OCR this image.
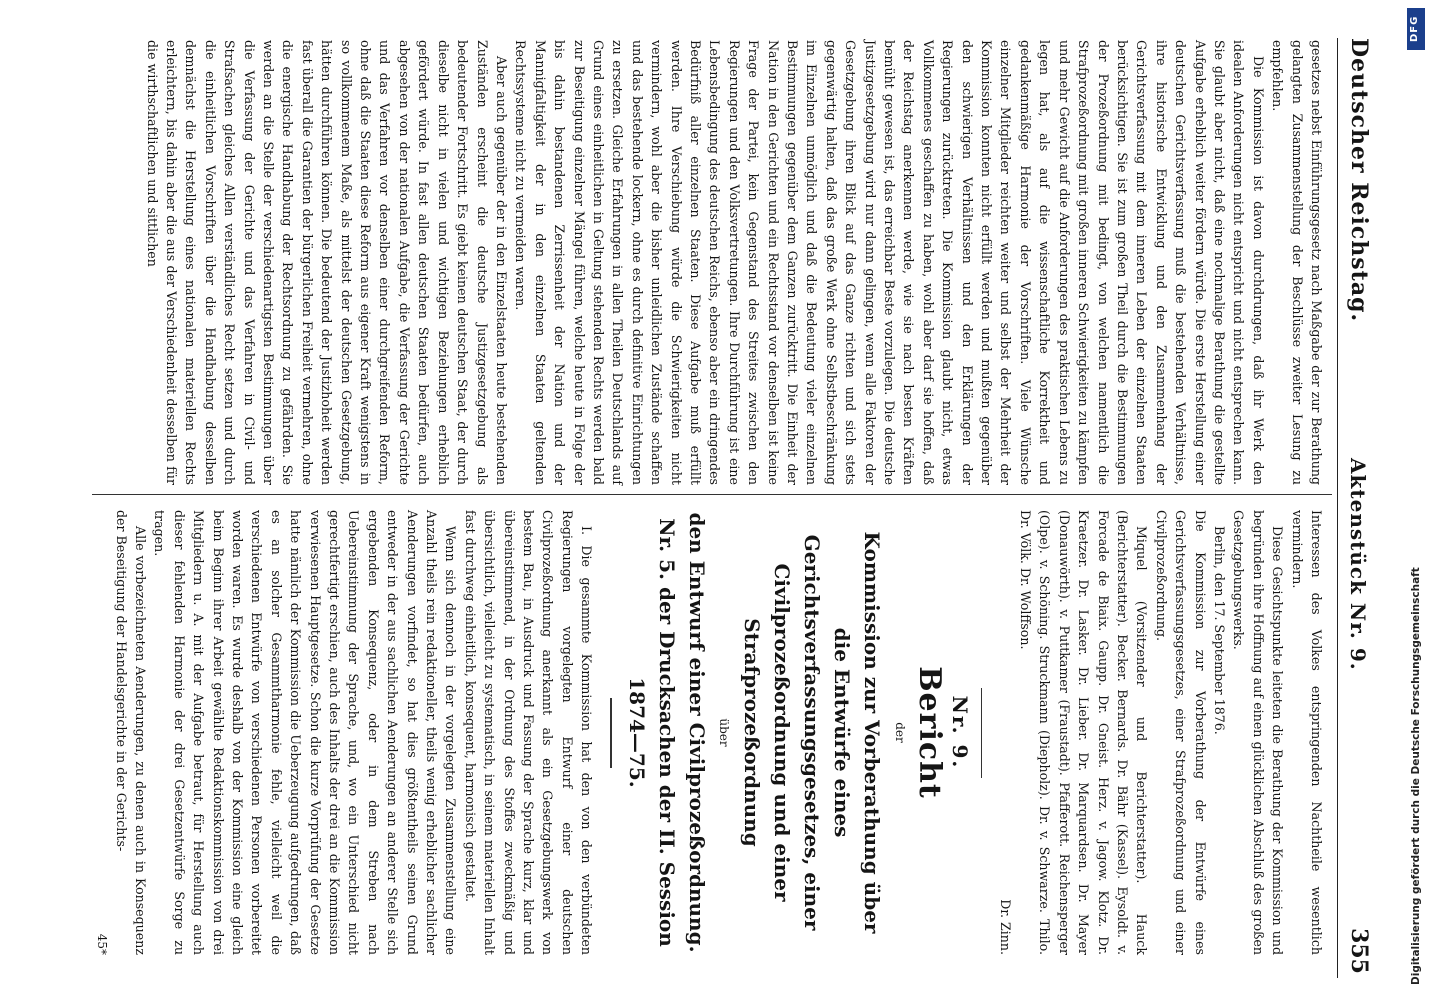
Deutscher Reichstag.
Aktenstück Nr. 9.
355

gesetzes nebst Einführungsgesetz nach Maßgabe der zur Berathung gelangten Zusammenstellung der Beschlüsse zweiter Lesung zu empfehlen.

Die Kommission ist davon durchdrungen, daß ihr Werk den idealen Anforderungen nicht entspricht und nicht entsprechen kann. Sie glaubt aber nicht, daß eine nochmalige Berathung die gestellte Aufgabe erheblich weiter fördern würde. Die erste Herstellung einer deutschen Gerichtsverfassung muß die bestehenden Verhältnisse, ihre historische Entwicklung und den Zusammenhang der Gerichtsverfassung mit dem inneren Leben der einzelnen Staaten berücksichtigen. Sie ist zum großen Theil durch die Bestimmungen der Prozeßordnung mit bedingt, von welchen namentlich die Strafprozeßordnung mit großen inneren Schwierigkeiten zu kämpfen und mehr Gewicht auf die Anforderungen des praktischen Lebens zu legen hat, als auf die wissenschaftliche Korrektheit und gedankenmäßige Harmonie der Vorschriften. Viele Wünsche einzelner Mitglieder reichten weiter und selbst der Mehrheit der Kommission konnten nicht erfüllt werden und mußten gegenüber den schwierigen Verhältnissen und den Erklärungen der Regierungen zurücktreten. Die Kommission glaubt nicht, etwas Vollkommenes geschaffen zu haben, wohl aber darf sie hoffen, daß der Reichstag anerkennen werde, wie sie nach besten Kräften bemüht gewesen ist, das erreichbar Beste vorzulegen. Die deutsche Justizgesetzgebung wird nur dann gelingen, wenn alle Faktoren der Gesetzgebung ihren Blick auf das Ganze richten und sich stets gegenwärtig halten, daß das große Werk ohne Selbstbeschränkung im Einzelnen unmöglich und daß die Bedeutung vieler einzelnen Bestimmungen gegenüber dem Ganzen zurücktritt. Die Einheit der Nation in den Gerichten und ein Rechtsstand vor denselben ist keine Frage der Partei, kein Gegenstand des Streites zwischen den Regierungen und den Volksvertretungen. Ihre Durchführung ist eine Lebensbedingung des deutschen Reichs, ebenso aber ein dringendes Bedürfniß aller einzelnen Staaten. Diese Aufgabe muß erfüllt werden. Ihre Verschiebung würde die Schwierigkeiten nicht vermindern, wohl aber die bisher unleidlichen Zustände schaffen und das bestehende lockern, ohne es durch definitive Einrichtungen zu ersetzen. Gleiche Erfahrungen in allen Theilen Deutschlands auf Grund eines einheitlichen in Geltung stehenden Rechts werden bald zur Beseitigung einzelner Mängel führen, welche heute in Folge der bis dahin bestandenen Zerrissenheit der Nation und der Mannigfaltigkeit der in den einzelnen Staaten geltenden Rechtssysteme nicht zu vermeiden waren.

Aber auch gegenüber der in den Einzelstaaten heute bestehenden Zuständen erscheint die deutsche Justizgesetzgebung als bedeutender Fortschritt. Es giebt keinen deutschen Staat, der durch dieselbe nicht in vielen und wichtigen Beziehungen erheblich gefördert würde. In fast allen deutschen Staaten bedürfen, auch abgesehen von der nationalen Aufgabe, die Verfassung der Gerichte und das Verfahren vor denselben einer durchgreifenden Reform, ohne daß die Staaten diese Reform aus eigener Kraft wenigstens in so vollkommenem Maße, als mittelst der deutschen Gesetzgebung, hätten durchführen können. Die bedeutend der Justizhoheit werden fast überall die Garantien der bürgerlichen Freiheit vermehren, ohne die energische Handhabung der Rechtsordnung zu gefährden. Sie werden an die Stelle der verschiedenartigsten Bestimmungen über die Verfassung der Gerichte und das Verfahren in Civil- und Strafsachen gleiches Allen verständliches Recht setzen und durch die einheitlichen Vorschriften über die Handhabung desselben demnächst die Herstellung eines nationalen materiellen Rechts erleichtern, bis dahin aber die aus der Verschiedenheit desselben für die wirthschaftlichen und sittlichen

Interessen des Volkes entspringenden Nachtheile wesentlich vermindern.

Diese Gesichtspunkte leiteten die Berathung der Kommission und begründen ihre Hoffnung auf einen glücklichen Abschluß des großen Gesetzgebungswerks.

Berlin, den 17. September 1876.

Die Kommission zur Vorberathung der Entwürfe eines Gerichtsverfassungsgesetzes, einer Strafprozeßordnung und einer Civilprozeßordnung.

Miquel (Vorsitzender und Berichterstatter). Hauck (Berichterstatter). Becker. Bernards. Dr. Bähr (Kassel). Eysoldt. v. Forcade de Biaix. Gaupp. Dr. Gneist. Herz. v. Jagow. Klotz. Dr. Kraetzer. Dr. Lasker. Dr. Lieber. Dr. Marquardsen. Dr. Mayer (Donauwörth). v. Puttkamer (Fraustadt). Pfafferott. Reichensperger (Olpe). v. Schöning. Struckmann (Diepholz). Dr. v. Schwarze. Thilo. Dr. Völk. Dr. Wolffson.

Dr. Zinn.

Nr. 9.
Bericht
der
Kommission zur Vorberathung über die Entwürfe eines Gerichtsverfassungsgesetzes, einer Civilprozeßordnung und einer Strafprozeßordnung
über
den Entwurf einer Civilprozeßordnung. Nr. 5. der Drucksachen der II. Session 1874—75.

I. Die gesammte Kommission hat den von den verbündeten Regierungen vorgelegten Entwurf einer deutschen Civilprozeßordnung anerkannt als ein Gesetzgebungswerk von bestem Bau, in Ausdruck und Fassung der Sprache kurz, klar und übereinstimmend, in der Ordnung des Stoffes zweckmäßig und übersichtlich, vielleicht zu systematisch, in seinem materiellen Inhalt fast durchweg einheitlich, konsequent, harmonisch gestaltet.

Wenn sich dennoch in der vorgelegten Zusammenstellung eine Anzahl theils rein redaktioneller, theils wenig erheblicher sachlicher Aenderungen vorfindet, so hat dies größtentheils seinen Grund entweder in der aus sachlichen Aenderungen an anderer Stelle sich ergebenden Konsequenz, oder in dem Streben nach Uebereinstimmung der Sprache, und, wo ein Unterschied nicht gerechtfertigt erschien, auch des Inhalts der drei an die Kommission verwiesenen Hauptgesetze. Schon die kurze Vorprüfung der Gesetze hatte nämlich der Kommission die Ueberzeugung aufgedrungen, daß es an solcher Gesammtharmonie fehle, vielleicht weil die verschiedenen Entwürfe von verschiedenen Personen vorbereitet worden waren. Es wurde deshalb von der Kommission eine gleich beim Beginn ihrer Arbeit gewählte Redaktionskommission von drei Mitgliedern u. A. mit der Aufgabe betraut, für Herstellung auch dieser fehlenden Harmonie der drei Gesetzentwürfe Sorge zu tragen.

Alle vorbezeichneten Aenderungen, zu denen auch in Konsequenz der Beseitigung der Handelsgerichte in der Gerichts-

45*
DFG
Digitalisierung gefördert durch die Deutsche Forschungsgemeinschaft
